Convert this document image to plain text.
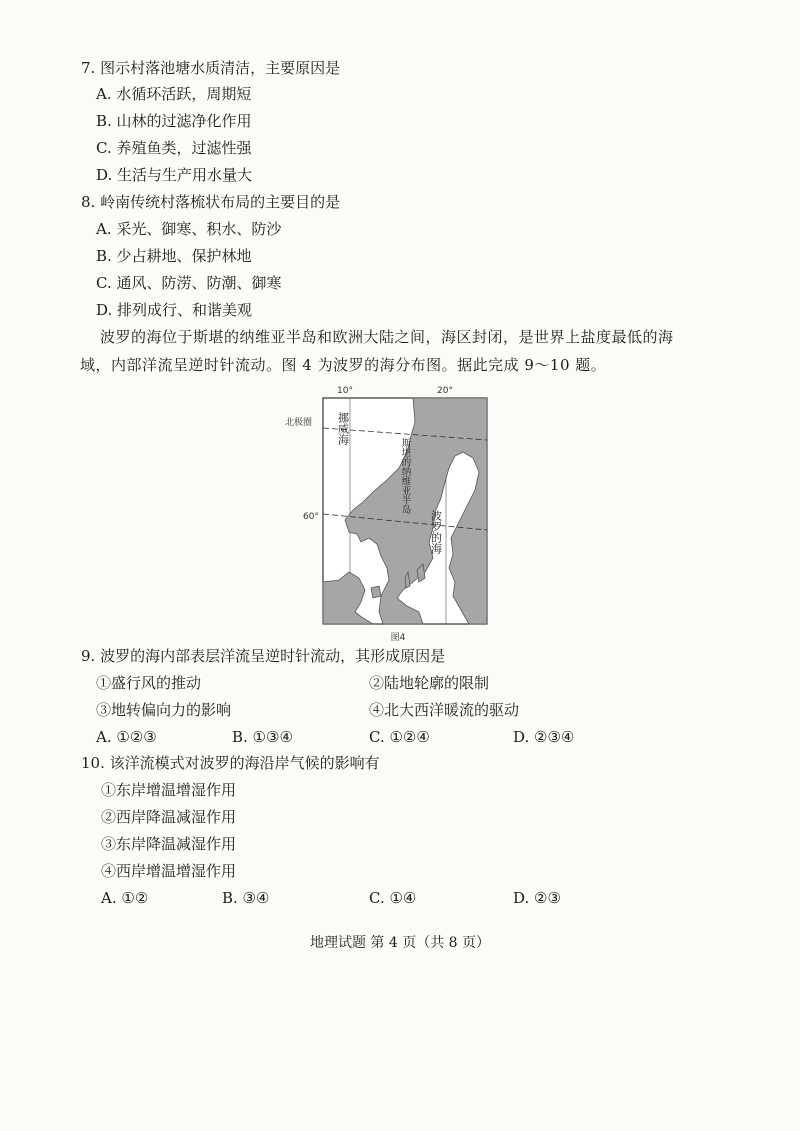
7. 图示村落池塘水质清洁，主要原因是
A. 水循环活跃，周期短
B. 山林的过滤净化作用
C. 养殖鱼类，过滤性强
D. 生活与生产用水量大
8. 岭南传统村落梳状布局的主要目的是
A. 采光、御寒、积水、防沙
B. 少占耕地、保护林地
C. 通风、防涝、防潮、御寒
D. 排列成行、和谐美观
波罗的海位于斯堪的纳维亚半岛和欧洲大陆之间，海区封闭，是世界上盐度最低的海
域，内部洋流呈逆时针流动。图 4 为波罗的海分布图。据此完成 9～10 题。
10°	20°
北极圈
60°
挪威海
斯堪的纳维亚半岛
波罗的海
图4
9. 波罗的海内部表层洋流呈逆时针流动，其形成原因是
①盛行风的推动	②陆地轮廓的限制
③地转偏向力的影响	④北大西洋暖流的驱动
A. ①②③	B. ①③④	C. ①②④	D. ②③④
10. 该洋流模式对波罗的海沿岸气候的影响有
①东岸增温增湿作用
②西岸降温减湿作用
③东岸降温减湿作用
④西岸增温增湿作用
A. ①②	B. ③④	C. ①④	D. ②③
地理试题 第 4 页（共 8 页）
